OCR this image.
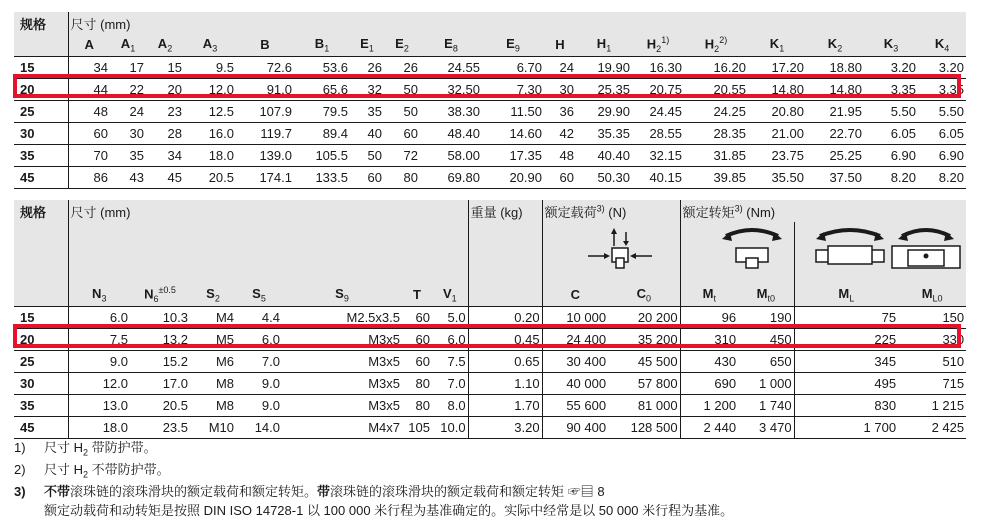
规格	尺寸 (mm)																	
	A	$A_1$	$A_2$	$A_3$	B	$B_1$	$E_1$	$E_2$	$E_8$	$E_9$	H	$H_1$	$H_2^{1)}$	$H_2^{2)}$	$K_1$	$K_2$	$K_3$	$K_4$
15	34	17	15	9.5	72.6	53.6	26	26	24.55	6.70	24	19.90	16.30	16.20	17.20	18.80	3.20	3.20
20	44	22	20	12.0	91.0	65.6	32	50	32.50	7.30	30	25.35	20.75	20.55	14.80	14.80	3.35	3.35
25	48	24	23	12.5	107.9	79.5	35	50	38.30	11.50	36	29.90	24.45	24.25	20.80	21.95	5.50	5.50
30	60	30	28	16.0	119.7	89.4	40	60	48.40	14.60	42	35.35	28.55	28.35	21.00	22.70	6.05	6.05
35	70	35	34	18.0	139.0	105.5	50	72	58.00	17.35	48	40.40	32.15	31.85	23.75	25.25	6.90	6.90
45	86	43	45	20.5	174.1	133.5	60	80	69.80	20.90	60	50.30	40.15	39.85	35.50	37.50	8.20	8.20
规格	尺寸 (mm)							重量 (kg)	额定载荷$^{3)}$ (N)		额定转矩$^{3)}$ (Nm)			

	$N_3$	$N_6^{\pm 0.5}$	$S_2$	$S_5$	$S_9$	T	$V_1$		C	$C_0$	$M_t$	$M_{t0}$	$M_L$	$M_{L0}$
15	6.0	10.3	M4	4.4	M2.5x3.5	60	5.0	0.20	10 000	20 200	96	190	75	150
20	7.5	13.2	M5	6.0	M3x5	60	6.0	0.45	24 400	35 200	310	450	225	330
25	9.0	15.2	M6	7.0	M3x5	60	7.5	0.65	30 400	45 500	430	650	345	510
30	12.0	17.0	M8	9.0	M3x5	80	7.0	1.10	40 000	57 800	690	1 000	495	715
35	13.0	20.5	M8	9.0	M3x5	80	8.0	1.70	55 600	81 000	1 200	1 740	830	1 215
45	18.0	23.5	M10	14.0	M4x7	105	10.0	3.20	90 400	128 500	2 440	3 470	1 700	2 425
1) 尺寸 $H_2$ 带防护带。
2) 尺寸 $H_2$ 不带防护带。
3) 不带滚珠链的滚珠滑块的额定载荷和额定转矩。带滚珠链的滚珠滑块的额定载荷和额定转矩 ☞▤ 8
额定动载荷和动转矩是按照 DIN ISO 14728-1 以 100 000 米行程为基准确定的。实际中经常是以 50 000 米行程为基准。
